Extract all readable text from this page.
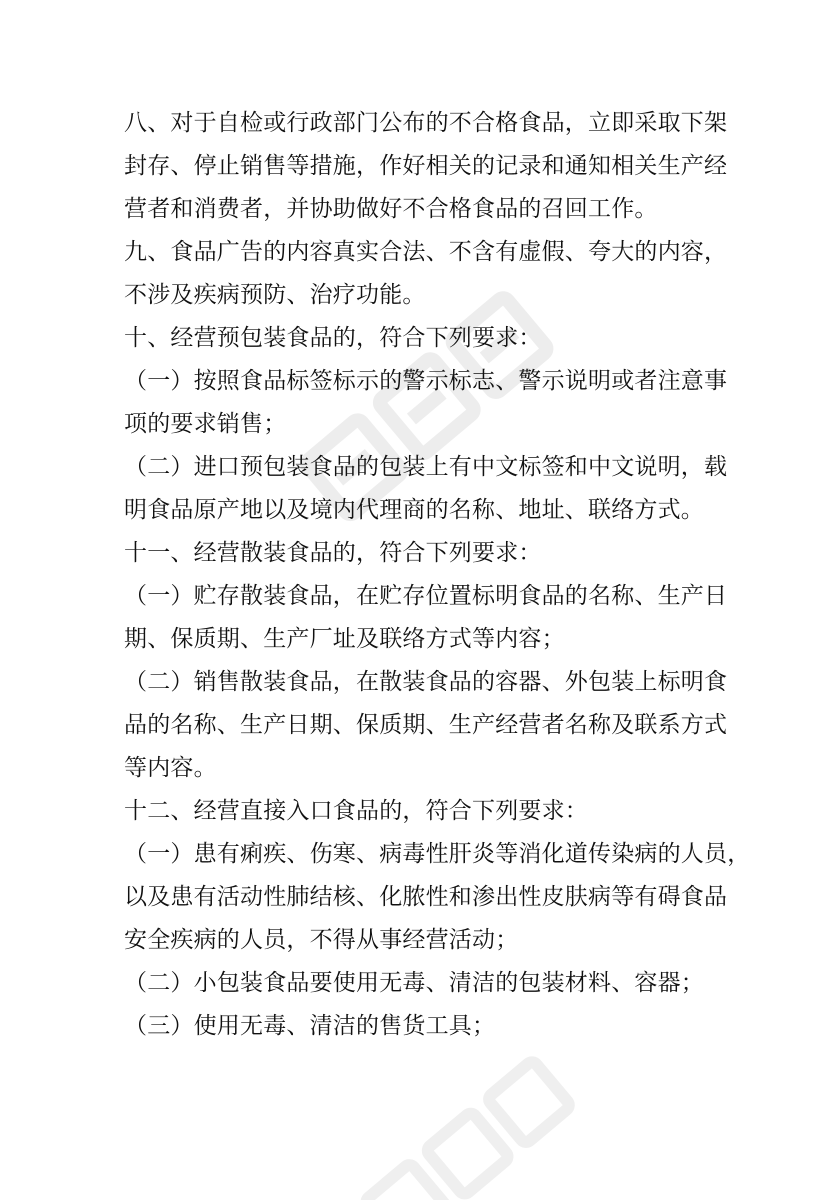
八、对于自检或行政部门公布的不合格食品，立即采取下架
封存、停止销售等措施，作好相关的记录和通知相关生产经
营者和消费者，并协助做好不合格食品的召回工作。

九、食品广告的内容真实合法、不含有虚假、夸大的内容，
不涉及疾病预防、治疗功能。

十、经营预包装食品的，符合下列要求：

（一）按照食品标签标示的警示标志、警示说明或者注意事
项的要求销售；

（二）进口预包装食品的包装上有中文标签和中文说明，载
明食品原产地以及境内代理商的名称、地址、联络方式。

十一、经营散装食品的，符合下列要求：

（一）贮存散装食品，在贮存位置标明食品的名称、生产日
期、保质期、生产厂址及联络方式等内容；

（二）销售散装食品，在散装食品的容器、外包装上标明食
品的名称、生产日期、保质期、生产经营者名称及联系方式
等内容。

十二、经营直接入口食品的，符合下列要求：

（一）患有痢疾、伤寒、病毒性肝炎等消化道传染病的人员，
以及患有活动性肺结核、化脓性和渗出性皮肤病等有碍食品
安全疾病的人员，不得从事经营活动；

（二）小包装食品要使用无毒、清洁的包装材料、容器；

（三）使用无毒、清洁的售货工具；
